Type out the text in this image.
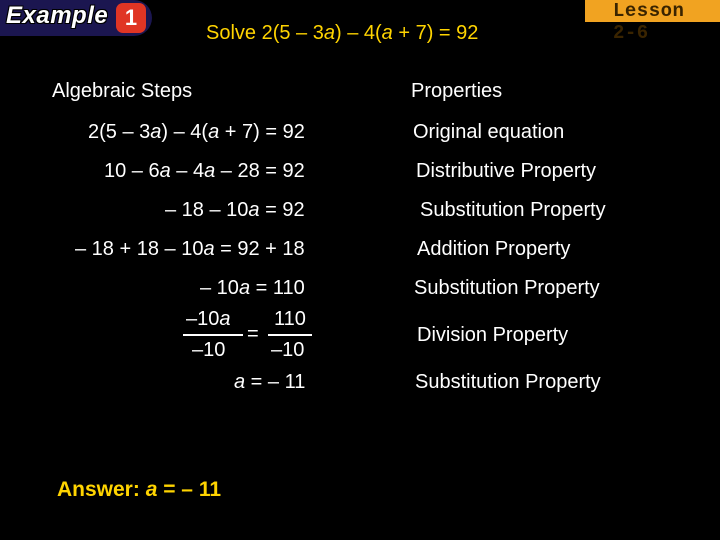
Example 1	Lesson 2-6
Solve 2(5 – 3a) – 4(a + 7) = 92
Algebraic Steps	Properties
2(5 – 3a) – 4(a + 7) = 92
10 – 6a – 4a – 28 = 92
– 18 – 10a = 92
– 18 + 18 – 10a = 92 + 18
– 10a = 110
–10a
–10
=
110
–10
a = – 11
Original equation
Distributive Property
Substitution Property
Addition Property
Substitution Property
Division Property
Substitution Property
Answer: a = – 11
